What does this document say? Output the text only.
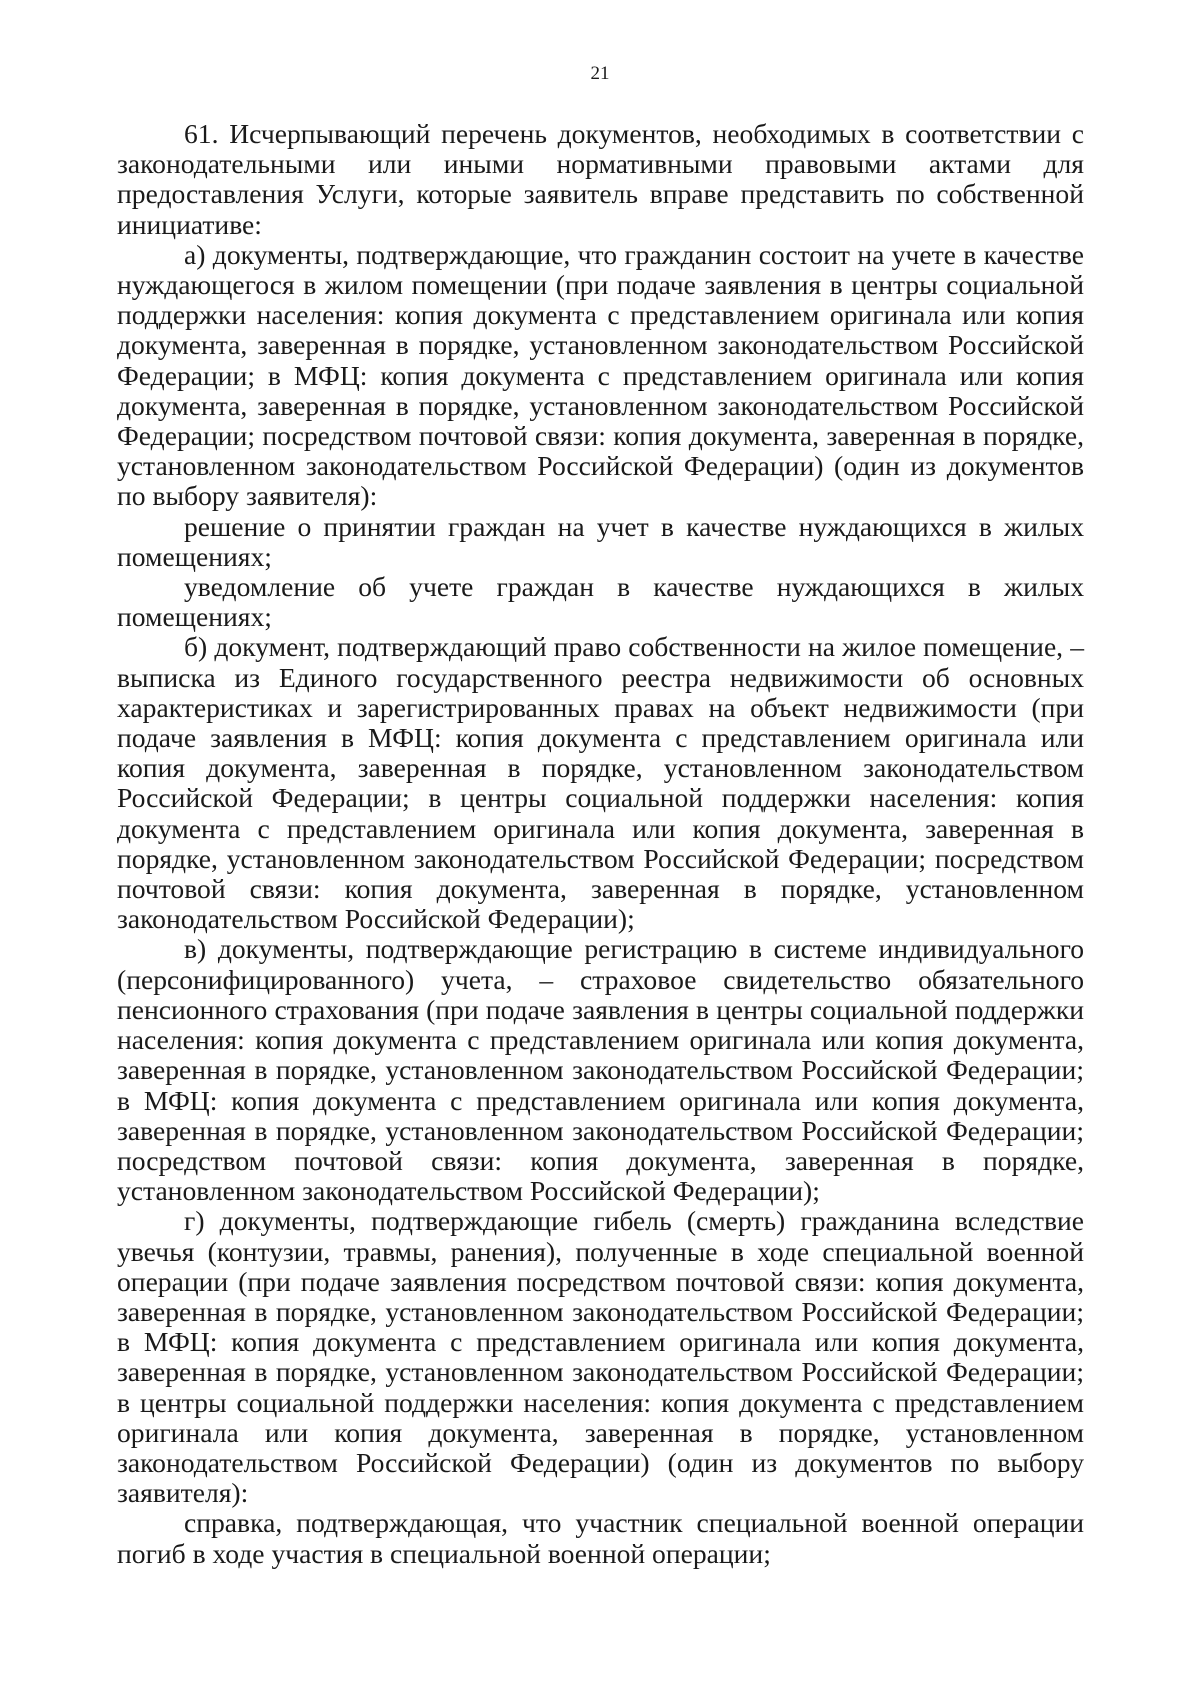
21

61. Исчерпывающий перечень документов, необходимых в соответствии с законодательными или иными нормативными правовыми актами для предоставления Услуги, которые заявитель вправе представить по собственной инициативе:

а) документы, подтверждающие, что гражданин состоит на учете в качестве нуждающегося в жилом помещении (при подаче заявления в центры социальной поддержки населения: копия документа с представлением оригинала или копия документа, заверенная в порядке, установленном законодательством Российской Федерации; в МФЦ: копия документа с представлением оригинала или копия документа, заверенная в порядке, установленном законодательством Российской Федерации; посредством почтовой связи: копия документа, заверенная в порядке, установленном законодательством Российской Федерации) (один из документов по выбору заявителя):

решение о принятии граждан на учет в качестве нуждающихся в жилых помещениях;

уведомление об учете граждан в качестве нуждающихся в жилых помещениях;

б) документ, подтверждающий право собственности на жилое помещение, – выписка из Единого государственного реестра недвижимости об основных характеристиках и зарегистрированных правах на объект недвижимости (при подаче заявления в МФЦ: копия документа с представлением оригинала или копия документа, заверенная в порядке, установленном законодательством Российской Федерации; в центры социальной поддержки населения: копия документа с представлением оригинала или копия документа, заверенная в порядке, установленном законодательством Российской Федерации; посредством почтовой связи: копия документа, заверенная в порядке, установленном законодательством Российской Федерации);

в) документы, подтверждающие регистрацию в системе индивидуального (персонифицированного) учета, – страховое свидетельство обязательного пенсионного страхования (при подаче заявления в центры социальной поддержки населения: копия документа с представлением оригинала или копия документа, заверенная в порядке, установленном законодательством Российской Федерации; в МФЦ: копия документа с представлением оригинала или копия документа, заверенная в порядке, установленном законодательством Российской Федерации; посредством почтовой связи: копия документа, заверенная в порядке, установленном законодательством Российской Федерации);

г) документы, подтверждающие гибель (смерть) гражданина вследствие увечья (контузии, травмы, ранения), полученные в ходе специальной военной операции (при подаче заявления посредством почтовой связи: копия документа, заверенная в порядке, установленном законодательством Российской Федерации; в МФЦ: копия документа с представлением оригинала или копия документа, заверенная в порядке, установленном законодательством Российской Федерации; в центры социальной поддержки населения: копия документа с представлением оригинала или копия документа, заверенная в порядке, установленном законодательством Российской Федерации) (один из документов по выбору заявителя):

справка, подтверждающая, что участник специальной военной операции погиб в ходе участия в специальной военной операции;
